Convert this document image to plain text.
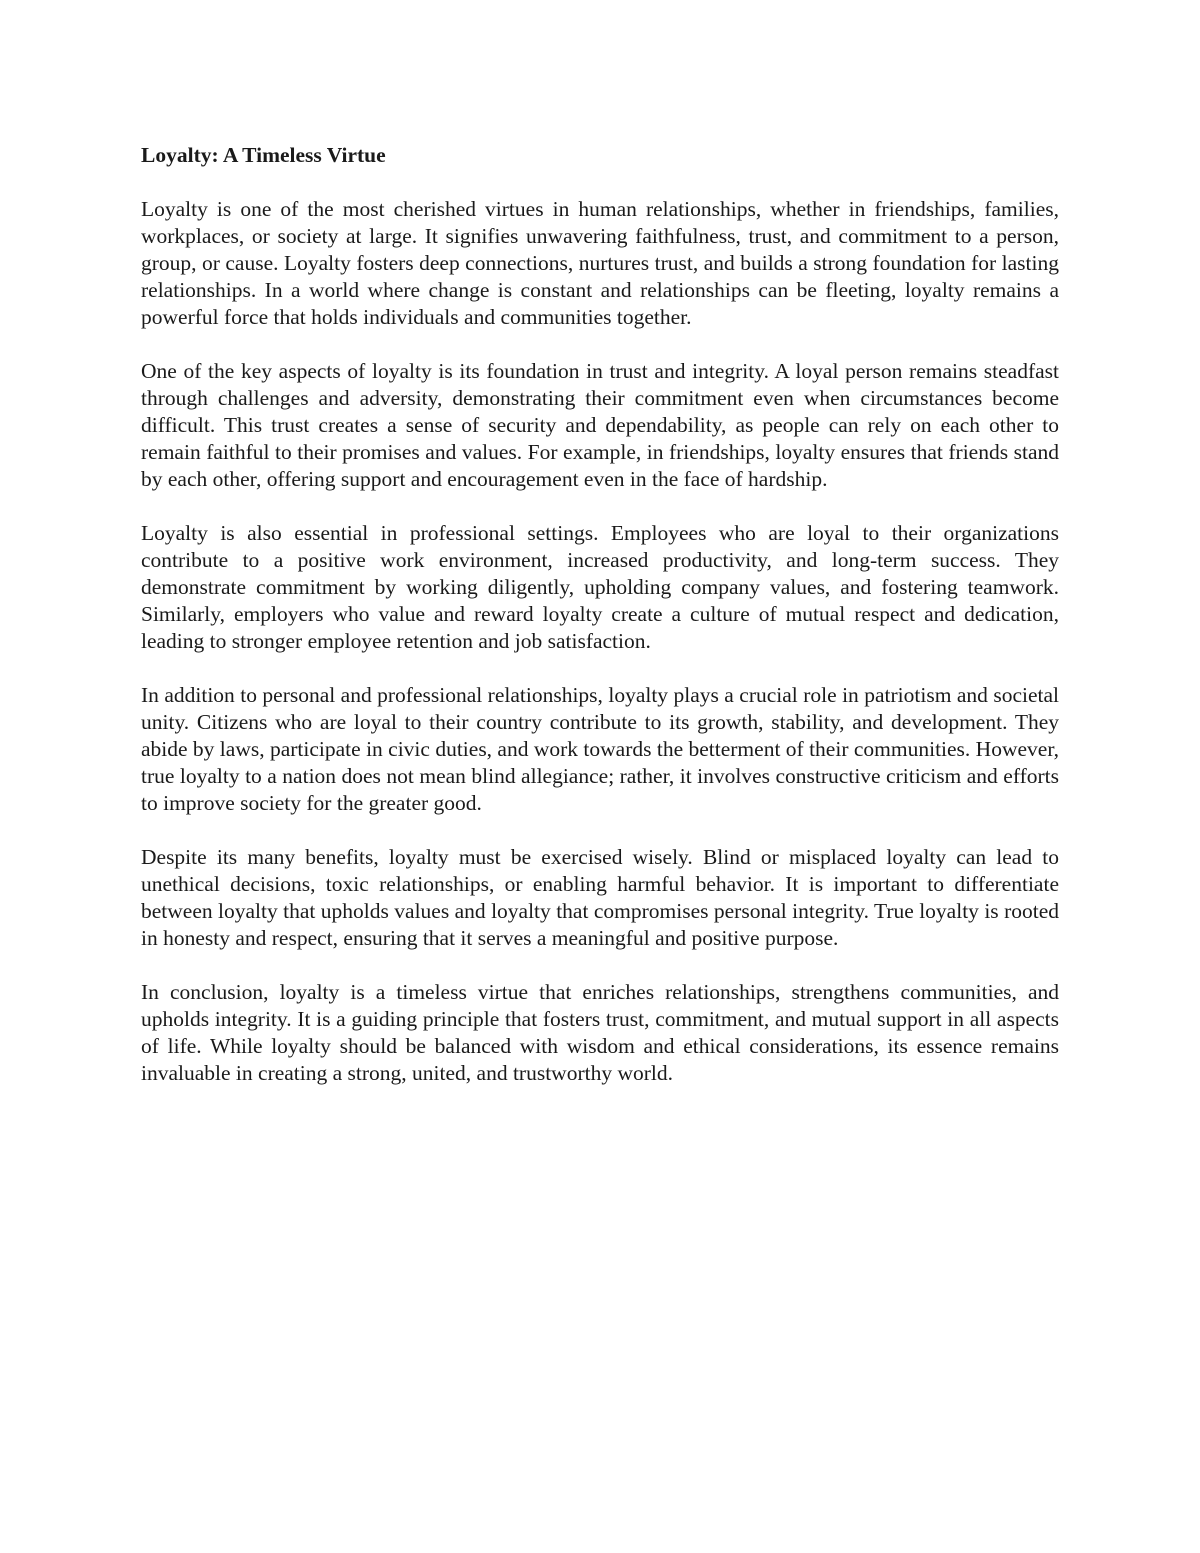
Loyalty: A Timeless Virtue

Loyalty is one of the most cherished virtues in human relationships, whether in friendships, families, workplaces, or society at large. It signifies unwavering faithfulness, trust, and commitment to a person, group, or cause. Loyalty fosters deep connections, nurtures trust, and builds a strong foundation for lasting relationships. In a world where change is constant and relationships can be fleeting, loyalty remains a powerful force that holds individuals and communities together.

One of the key aspects of loyalty is its foundation in trust and integrity. A loyal person remains steadfast through challenges and adversity, demonstrating their commitment even when circumstances become difficult. This trust creates a sense of security and dependability, as people can rely on each other to remain faithful to their promises and values. For example, in friendships, loyalty ensures that friends stand by each other, offering support and encouragement even in the face of hardship.

Loyalty is also essential in professional settings. Employees who are loyal to their organizations contribute to a positive work environment, increased productivity, and long-term success. They demonstrate commitment by working diligently, upholding company values, and fostering teamwork. Similarly, employers who value and reward loyalty create a culture of mutual respect and dedication, leading to stronger employee retention and job satisfaction.

In addition to personal and professional relationships, loyalty plays a crucial role in patriotism and societal unity. Citizens who are loyal to their country contribute to its growth, stability, and development. They abide by laws, participate in civic duties, and work towards the betterment of their communities. However, true loyalty to a nation does not mean blind allegiance; rather, it involves constructive criticism and efforts to improve society for the greater good.

Despite its many benefits, loyalty must be exercised wisely. Blind or misplaced loyalty can lead to unethical decisions, toxic relationships, or enabling harmful behavior. It is important to differentiate between loyalty that upholds values and loyalty that compromises personal integrity. True loyalty is rooted in honesty and respect, ensuring that it serves a meaningful and positive purpose.

In conclusion, loyalty is a timeless virtue that enriches relationships, strengthens communities, and upholds integrity. It is a guiding principle that fosters trust, commitment, and mutual support in all aspects of life. While loyalty should be balanced with wisdom and ethical considerations, its essence remains invaluable in creating a strong, united, and trustworthy world.
